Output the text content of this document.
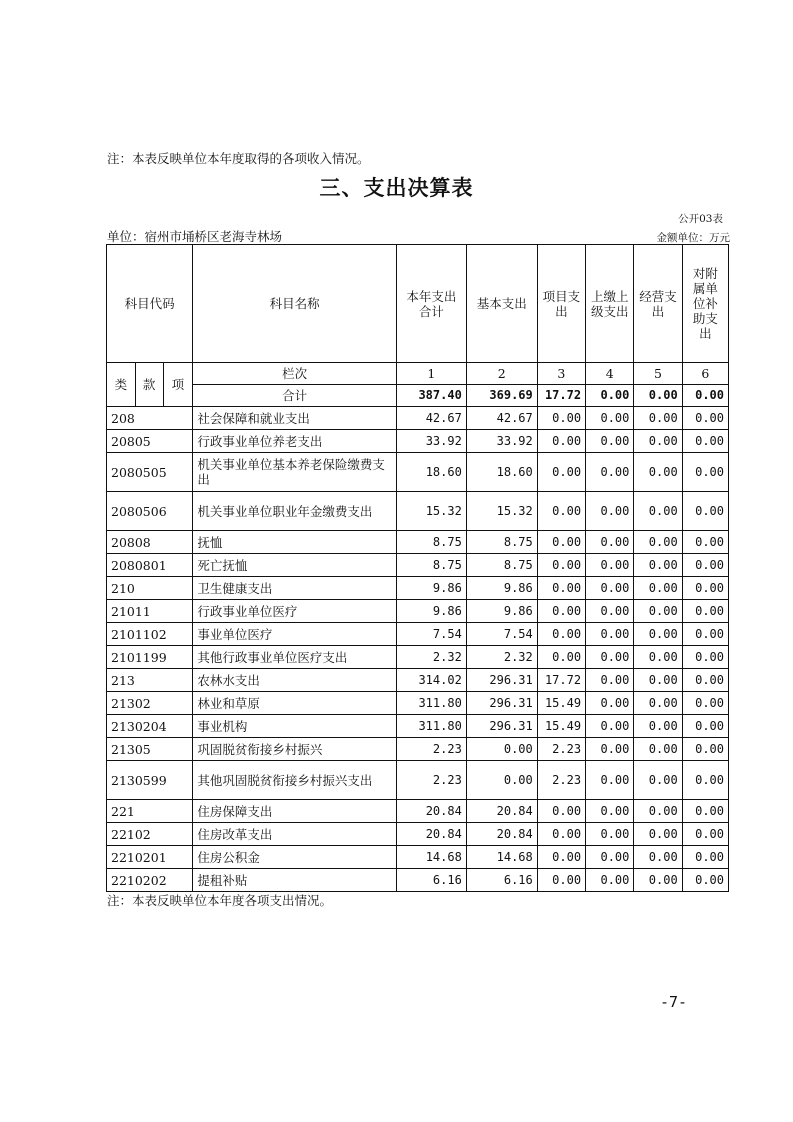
注：本表反映单位本年度取得的各项收入情况。
三、支出决算表
公开03表
单位：宿州市埇桥区老海寺林场	金额单位：万元
科目代码			科目名称	本年支出合计	基本支出	项目支出	上缴上级支出	经营支出	对附属单位补助支出
类	款	项	栏次	1	2	3	4	5	6
			合计	387.40	369.69	17.72	0.00	0.00	0.00
208			社会保障和就业支出	42.67	42.67	0.00	0.00	0.00	0.00
20805			行政事业单位养老支出	33.92	33.92	0.00	0.00	0.00	0.00
2080505			机关事业单位基本养老保险缴费支出	18.60	18.60	0.00	0.00	0.00	0.00
2080506			机关事业单位职业年金缴费支出	15.32	15.32	0.00	0.00	0.00	0.00
20808			抚恤	8.75	8.75	0.00	0.00	0.00	0.00
2080801			死亡抚恤	8.75	8.75	0.00	0.00	0.00	0.00
210			卫生健康支出	9.86	9.86	0.00	0.00	0.00	0.00
21011			行政事业单位医疗	9.86	9.86	0.00	0.00	0.00	0.00
2101102			事业单位医疗	7.54	7.54	0.00	0.00	0.00	0.00
2101199			其他行政事业单位医疗支出	2.32	2.32	0.00	0.00	0.00	0.00
213			农林水支出	314.02	296.31	17.72	0.00	0.00	0.00
21302			林业和草原	311.80	296.31	15.49	0.00	0.00	0.00
2130204			事业机构	311.80	296.31	15.49	0.00	0.00	0.00
21305			巩固脱贫衔接乡村振兴	2.23	0.00	2.23	0.00	0.00	0.00
2130599			其他巩固脱贫衔接乡村振兴支出	2.23	0.00	2.23	0.00	0.00	0.00
221			住房保障支出	20.84	20.84	0.00	0.00	0.00	0.00
22102			住房改革支出	20.84	20.84	0.00	0.00	0.00	0.00
2210201			住房公积金	14.68	14.68	0.00	0.00	0.00	0.00
2210202			提租补贴	6.16	6.16	0.00	0.00	0.00	0.00
注：本表反映单位本年度各项支出情况。
-7-
